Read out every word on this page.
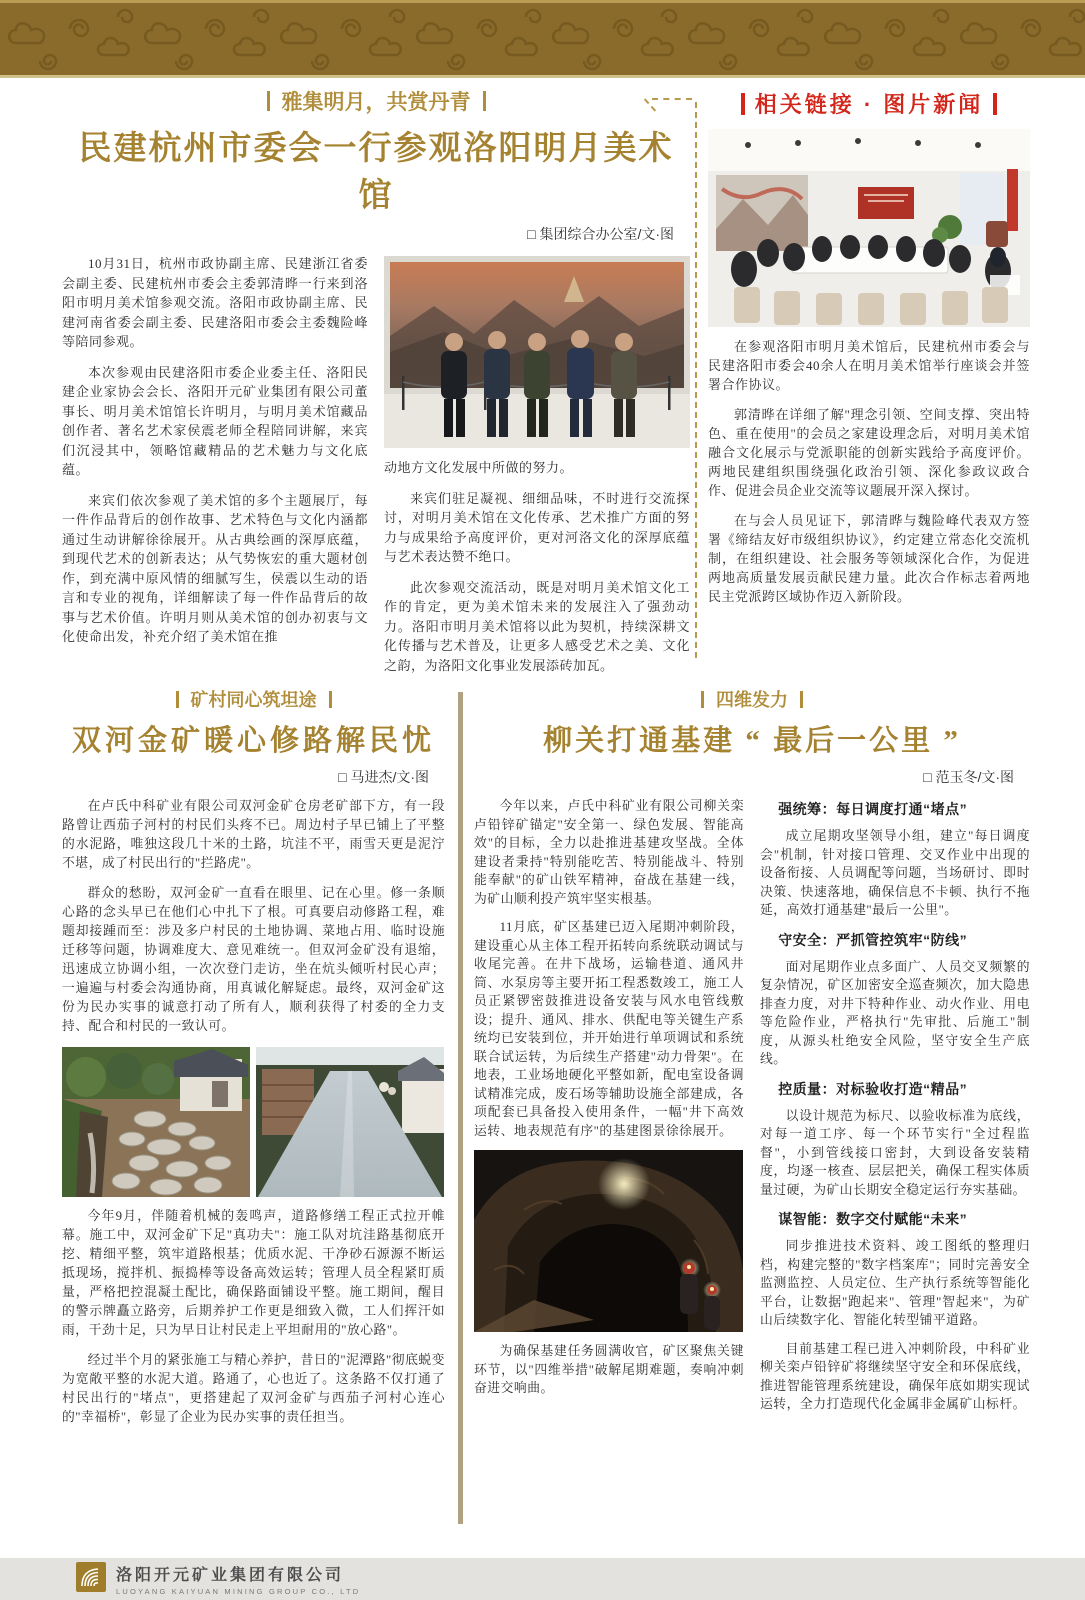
雅集明月，共赏丹青
民建杭州市委会一行参观洛阳明月美术馆
□ 集团综合办公室/文·图

10月31日，杭州市政协副主席、民建浙江省委会副主委、民建杭州市委会主委郭清晔一行来到洛阳市明月美术馆参观交流。洛阳市政协副主席、民建河南省委会副主委、民建洛阳市委会主委魏险峰等陪同参观。

本次参观由民建洛阳市委企业委主任、洛阳民建企业家协会会长、洛阳开元矿业集团有限公司董事长、明月美术馆馆长许明月，与明月美术馆藏品创作者、著名艺术家侯震老师全程陪同讲解，来宾们沉浸其中，领略馆藏精品的艺术魅力与文化底蕴。

来宾们依次参观了美术馆的多个主题展厅，每一件作品背后的创作故事、艺术特色与文化内涵都通过生动讲解徐徐展开。从古典绘画的深厚底蕴，到现代艺术的创新表达；从气势恢宏的重大题材创作，到充满中原风情的细腻写生，侯震以生动的语言和专业的视角，详细解读了每一件作品背后的故事与艺术价值。许明月则从美术馆的创办初衷与文化使命出发，补充介绍了美术馆在推

动地方文化发展中所做的努力。

来宾们驻足凝视、细细品味，不时进行交流探讨，对明月美术馆在文化传承、艺术推广方面的努力与成果给予高度评价，更对河洛文化的深厚底蕴与艺术表达赞不绝口。

此次参观交流活动，既是对明月美术馆文化工作的肯定，更为美术馆未来的发展注入了强劲动力。洛阳市明月美术馆将以此为契机，持续深耕文化传播与艺术普及，让更多人感受艺术之美、文化之韵，为洛阳文化事业发展添砖加瓦。

相关链接 · 图片新闻

在参观洛阳市明月美术馆后，民建杭州市委会与民建洛阳市委会40余人在明月美术馆举行座谈会并签署合作协议。

郭清晔在详细了解"理念引领、空间支撑、突出特色、重在使用"的会员之家建设理念后，对明月美术馆融合文化展示与党派职能的创新实践给予高度评价。两地民建组织围绕强化政治引领、深化参政议政合作、促进会员企业交流等议题展开深入探讨。

在与会人员见证下，郭清晔与魏险峰代表双方签署《缔结友好市级组织协议》，约定建立常态化交流机制，在组织建设、社会服务等领域深化合作，为促进两地高质量发展贡献民建力量。此次合作标志着两地民主党派跨区域协作迈入新阶段。

矿村同心筑坦途
双河金矿暖心修路解民忧
□ 马进杰/文·图

在卢氏中科矿业有限公司双河金矿仓房老矿部下方，有一段路曾让西茄子河村的村民们头疼不已。周边村子早已铺上了平整的水泥路，唯独这段几十米的土路，坑洼不平，雨雪天更是泥泞不堪，成了村民出行的"拦路虎"。

群众的愁盼，双河金矿一直看在眼里、记在心里。修一条顺心路的念头早已在他们心中扎下了根。可真要启动修路工程，难题却接踵而至：涉及多户村民的土地协调、菜地占用、临时设施迁移等问题，协调难度大、意见难统一。但双河金矿没有退缩，迅速成立协调小组，一次次登门走访，坐在炕头倾听村民心声；一遍遍与村委会沟通协商，用真诚化解疑虑。最终，双河金矿这份为民办实事的诚意打动了所有人，顺利获得了村委的全力支持、配合和村民的一致认可。

今年9月，伴随着机械的轰鸣声，道路修缮工程正式拉开帷幕。施工中，双河金矿下足"真功夫"：施工队对坑洼路基彻底开挖、精细平整，筑牢道路根基；优质水泥、干净砂石源源不断运抵现场，搅拌机、振捣棒等设备高效运转；管理人员全程紧盯质量，严格把控混凝土配比，确保路面铺设平整。施工期间，醒目的警示牌矗立路旁，后期养护工作更是细致入微，工人们挥汗如雨，干劲十足，只为早日让村民走上平坦耐用的"放心路"。

经过半个月的紧张施工与精心养护，昔日的"泥潭路"彻底蜕变为宽敞平整的水泥大道。路通了，心也近了。这条路不仅打通了村民出行的"堵点"，更搭建起了双河金矿与西茄子河村心连心的"幸福桥"，彰显了企业为民办实事的责任担当。

四维发力
柳关打通基建 “ 最后一公里 ”
□ 范玉冬/文·图

今年以来，卢氏中科矿业有限公司柳关栾卢铅锌矿锚定"安全第一、绿色发展、智能高效"的目标，全力以赴推进基建攻坚战。全体建设者秉持"特别能吃苦、特别能战斗、特别能奉献"的矿山铁军精神，奋战在基建一线，为矿山顺利投产筑牢坚实根基。

11月底，矿区基建已迈入尾期冲刺阶段，建设重心从主体工程开拓转向系统联动调试与收尾完善。在井下战场，运输巷道、通风井筒、水泵房等主要开拓工程悉数竣工，施工人员正紧锣密鼓推进设备安装与风水电管线敷设；提升、通风、排水、供配电等关键生产系统均已安装到位，并开始进行单项调试和系统联合试运转，为后续生产搭建"动力骨架"。在地表，工业场地硬化平整如新，配电室设备调试精准完成，废石场等辅助设施全部建成，各项配套已具备投入使用条件，一幅"井下高效运转、地表规范有序"的基建图景徐徐展开。

为确保基建任务圆满收官，矿区聚焦关键环节，以"四维举措"破解尾期难题，奏响冲刺奋进交响曲。

强统筹：每日调度打通“堵点”

成立尾期攻坚领导小组，建立"每日调度会"机制，针对接口管理、交叉作业中出现的设备衔接、人员调配等问题，当场研讨、即时决策、快速落地，确保信息不卡顿、执行不拖延，高效打通基建"最后一公里"。

守安全：严抓管控筑牢“防线”

面对尾期作业点多面广、人员交叉频繁的复杂情况，矿区加密安全巡查频次，加大隐患排查力度，对井下特种作业、动火作业、用电等危险作业，严格执行"先审批、后施工"制度，从源头杜绝安全风险，坚守安全生产底线。

控质量：对标验收打造“精品”

以设计规范为标尺、以验收标准为底线，对每一道工序、每一个环节实行"全过程监督"，小到管线接口密封，大到设备安装精度，均逐一核查、层层把关，确保工程实体质量过硬，为矿山长期安全稳定运行夯实基础。

谋智能：数字交付赋能“未来”

同步推进技术资料、竣工图纸的整理归档，构建完整的"数字档案库"；同时完善安全监测监控、人员定位、生产执行系统等智能化平台，让数据"跑起来"、管理"智起来"，为矿山后续数字化、智能化转型铺平道路。

目前基建工程已进入冲刺阶段，中科矿业柳关栾卢铅锌矿将继续坚守安全和环保底线，推进智能管理系统建设，确保年底如期实现试运转，全力打造现代化金属非金属矿山标杆。

洛阳开元矿业集团有限公司
LUOYANG KAIYUAN MINING GROUP CO., LTD
